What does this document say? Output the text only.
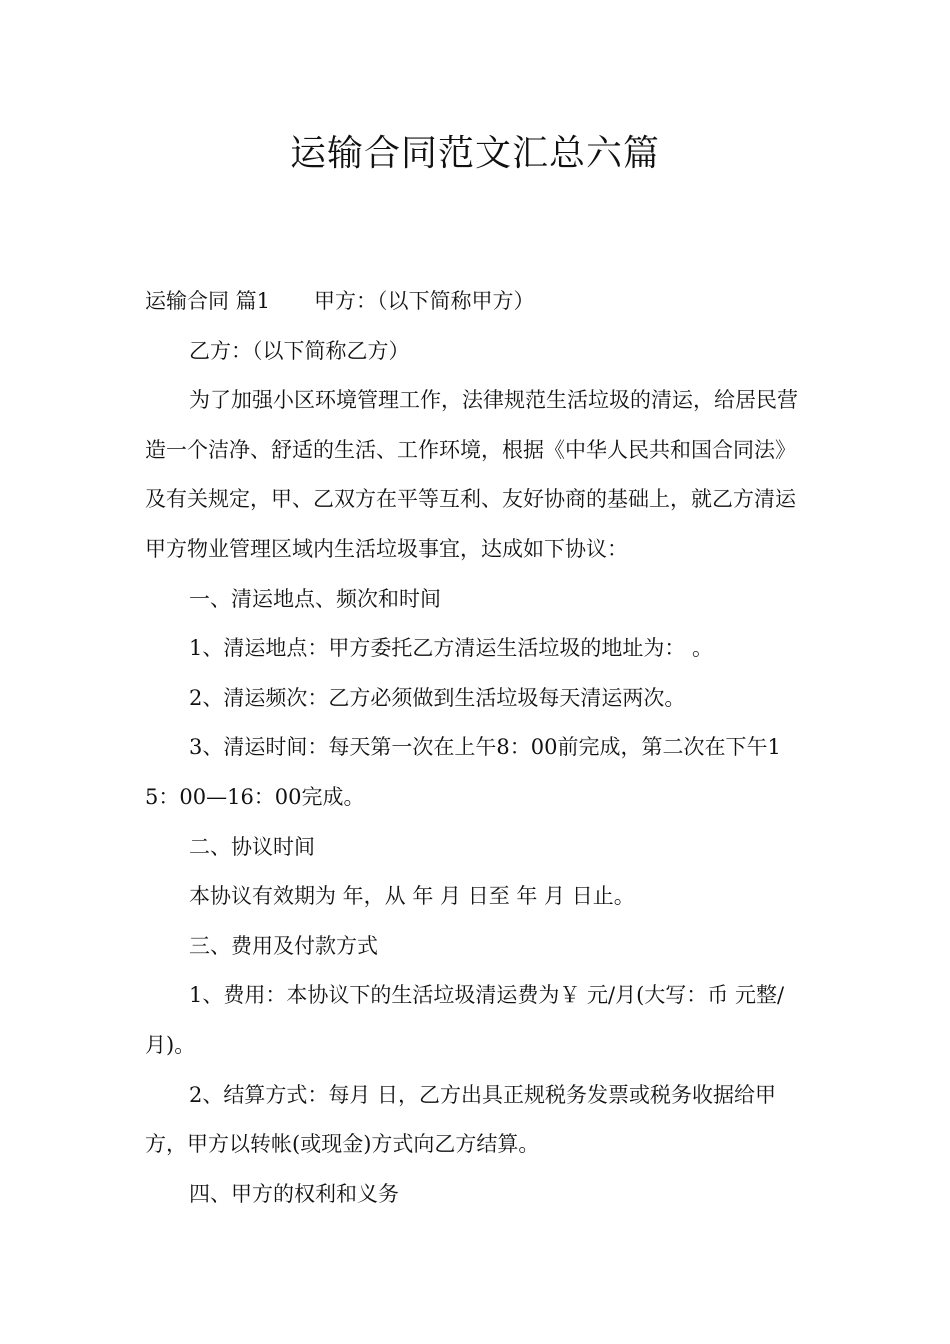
运输合同范文汇总六篇

运输合同 篇1 甲方：（以下简称甲方）

乙方：（以下简称乙方）

为了加强小区环境管理工作，法律规范生活垃圾的清运，给居民营造一个洁净、舒适的生活、工作环境，根据《中华人民共和国合同法》及有关规定，甲、乙双方在平等互利、友好协商的基础上，就乙方清运甲方物业管理区域内生活垃圾事宜，达成如下协议：

一、清运地点、频次和时间

1、清运地点：甲方委托乙方清运生活垃圾的地址为： 。

2、清运频次：乙方必须做到生活垃圾每天清运两次。

3、清运时间：每天第一次在上午8：00前完成，第二次在下午15：00—16：00完成。

二、协议时间

本协议有效期为 年，从 年 月 日至 年 月 日止。

三、费用及付款方式

1、费用：本协议下的生活垃圾清运费为￥ 元/月(大写：币 元整/月)。

2、结算方式：每月 日，乙方出具正规税务发票或税务收据给甲方，甲方以转帐(或现金)方式向乙方结算。

四、甲方的权利和义务
